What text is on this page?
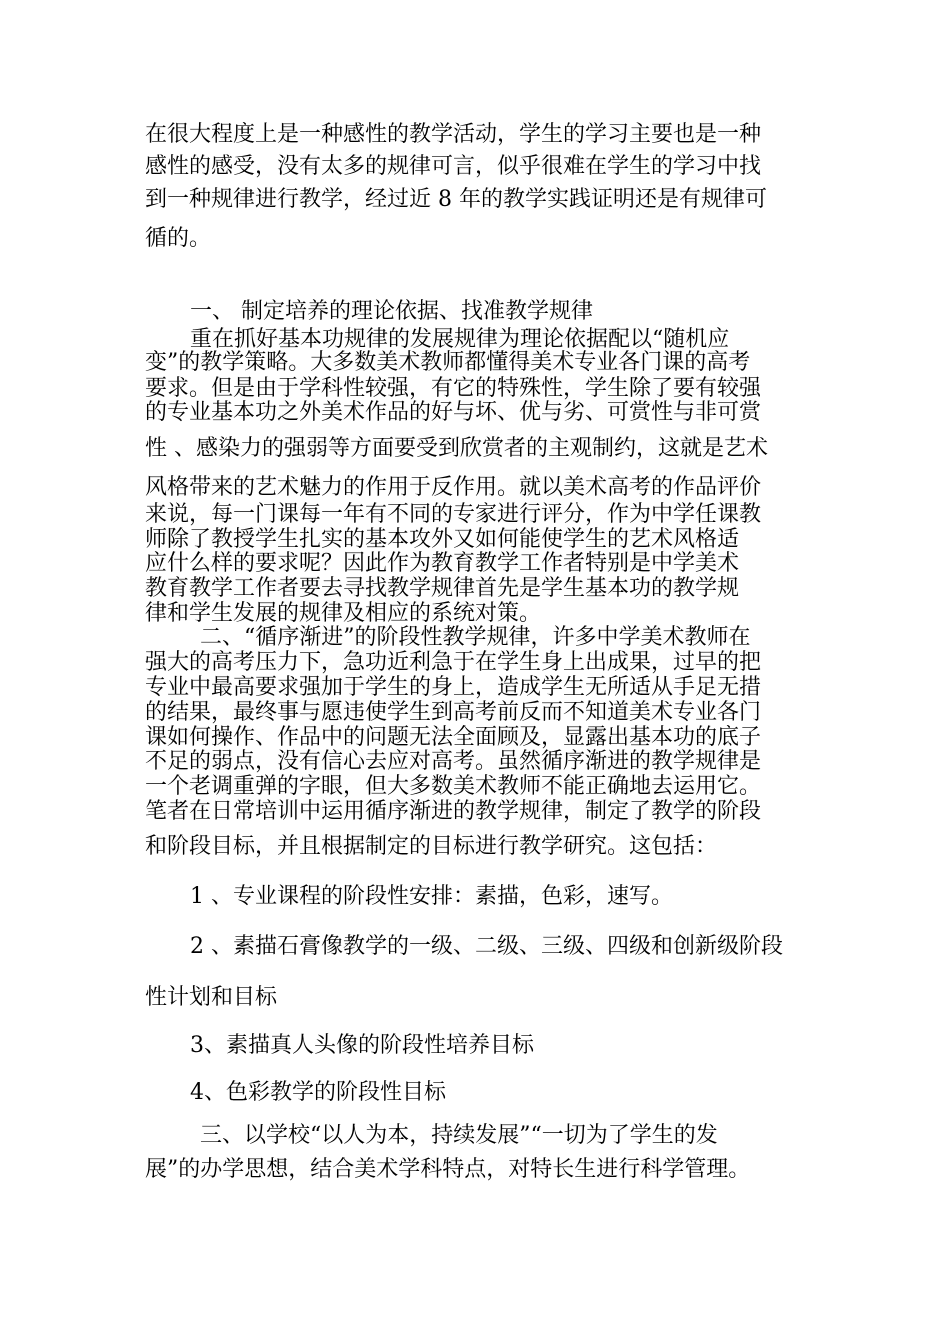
在很大程度上是一种感性的教学活动，学生的学习主要也是一种
感性的感受，没有太多的规律可言，似乎很难在学生的学习中找
到一种规律进行教学，经过近 8 年的教学实践证明还是有规律可
循的。
一、 制定培养的理论依据、找准教学规律
重在抓好基本功规律的发展规律为理论依据配以“随机应
变”的教学策略。大多数美术教师都懂得美术专业各门课的高考
要求。但是由于学科性较强，有它的特殊性，学生除了要有较强
的专业基本功之外美术作品的好与坏、优与劣、可赏性与非可赏
性 、感染力的强弱等方面要受到欣赏者的主观制约，这就是艺术
风格带来的艺术魅力的作用于反作用。就以美术高考的作品评价
来说，每一门课每一年有不同的专家进行评分，作为中学任课教
师除了教授学生扎实的基本攻外又如何能使学生的艺术风格适
应什么样的要求呢？因此作为教育教学工作者特别是中学美术
教育教学工作者要去寻找教学规律首先是学生基本功的教学规
律和学生发展的规律及相应的系统对策。
二、“循序渐进”的阶段性教学规律，许多中学美术教师在
强大的高考压力下，急功近利急于在学生身上出成果，过早的把
专业中最高要求强加于学生的身上，造成学生无所适从手足无措
的结果，最终事与愿违使学生到高考前反而不知道美术专业各门
课如何操作、作品中的问题无法全面顾及，显露出基本功的底子
不足的弱点，没有信心去应对高考。虽然循序渐进的教学规律是
一个老调重弹的字眼，但大多数美术教师不能正确地去运用它。
笔者在日常培训中运用循序渐进的教学规律，制定了教学的阶段
和阶段目标，并且根据制定的目标进行教学研究。这包括：
1 、专业课程的阶段性安排：素描，色彩，速写。
2 、素描石膏像教学的一级、二级、三级、四级和创新级阶段
性计划和目标
3、素描真人头像的阶段性培养目标
4、色彩教学的阶段性目标
三、以学校“以人为本，持续发展”“一切为了学生的发
展”的办学思想，结合美术学科特点，对特长生进行科学管理。
